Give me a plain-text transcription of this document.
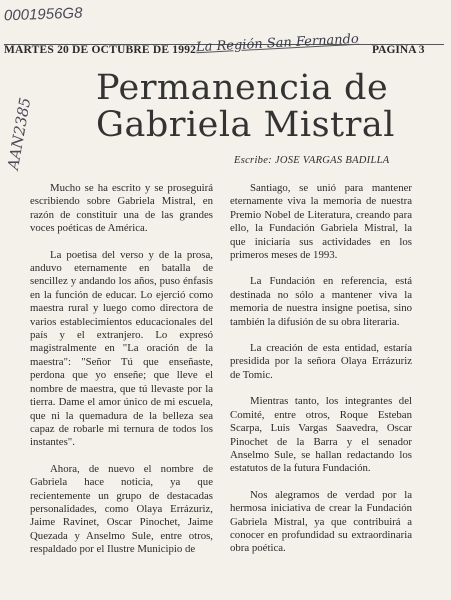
0001956G8
MARTES 20 DE OCTUBRE DE 1992 La Región San Fernando PAGINA 3
AAN2385
Permanencia de
Gabriela Mistral
Escribe: JOSE VARGAS BADILLA

Mucho se ha escrito y se proseguirá escribiendo sobre Gabriela Mistral, en razón de constituir una de las grandes voces poéticas de América.

La poetisa del verso y de la prosa, anduvo eternamente en batalla de sencillez y andando los años, puso énfasis en la función de educar. Lo ejerció como maestra rural y luego como directora de varios establecimientos educacionales del país y el extranjero. Lo expresó magistralmente en "La oración de la maestra": "Señor Tú que enseñaste, perdona que yo enseñe; que lleve el nombre de maestra, que tú llevaste por la tierra. Dame el amor único de mi escuela, que ni la quemadura de la belleza sea capaz de robarle mi ternura de todos los instantes".

Ahora, de nuevo el nombre de Gabriela hace noticia, ya que recientemente un grupo de destacadas personalidades, como Olaya Errázuriz, Jaime Ravinet, Oscar Pinochet, Jaime Quezada y Anselmo Sule, entre otros, respaldado por el Ilustre Municipio de

Santiago, se unió para mantener eternamente viva la memoria de nuestra Premio Nobel de Literatura, creando para ello, la Fundación Gabriela Mistral, la que iniciaría sus actividades en los primeros meses de 1993.

La Fundación en referencia, está destinada no sólo a mantener viva la memoria de nuestra insigne poetisa, sino también la difusión de su obra literaria.

La creación de esta entidad, estaría presidida por la señora Olaya Errázuriz de Tomic.

Mientras tanto, los integrantes del Comité, entre otros, Roque Esteban Scarpa, Luis Vargas Saavedra, Oscar Pinochet de la Barra y el senador Anselmo Sule, se hallan redactando los estatutos de la futura Fundación.

Nos alegramos de verdad por la hermosa iniciativa de crear la Fundación Gabriela Mistral, ya que contribuirá a conocer en profundidad su extraordinaria obra poética.
